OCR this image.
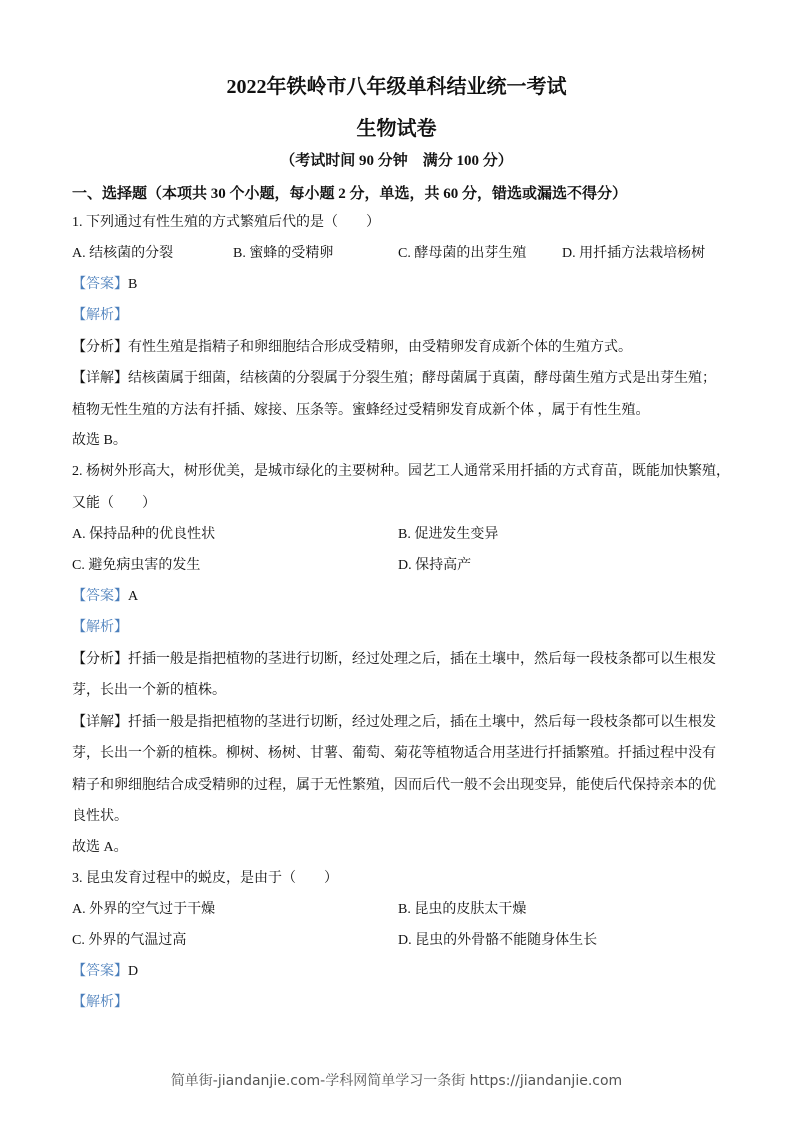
2022年铁岭市八年级单科结业统一考试
生物试卷
（考试时间 90 分钟　满分 100 分）
一、选择题（本项共 30 个小题，每小题 2 分，单选，共 60 分，错选或漏选不得分）
1. 下列通过有性生殖的方式繁殖后代的是（　　）
A. 结核菌的分裂	B. 蜜蜂的受精卵	C. 酵母菌的出芽生殖	D. 用扦插方法栽培杨树
【答案】B
【解析】
【分析】有性生殖是指精子和卵细胞结合形成受精卵，由受精卵发育成新个体的生殖方式。
【详解】结核菌属于细菌，结核菌的分裂属于分裂生殖；酵母菌属于真菌，酵母菌生殖方式是出芽生殖；
植物无性生殖的方法有扦插、嫁接、压条等。蜜蜂经过受精卵发育成新个体 ，属于有性生殖。
故选 B。
2. 杨树外形高大，树形优美，是城市绿化的主要树种。园艺工人通常采用扦插的方式育苗，既能加快繁殖，
又能（　　）
A. 保持品种的优良性状	B. 促进发生变异
C. 避免病虫害的发生	D. 保持高产
【答案】A
【解析】
【分析】扦插一般是指把植物的茎进行切断，经过处理之后，插在土壤中，然后每一段枝条都可以生根发
芽，长出一个新的植株。
【详解】扦插一般是指把植物的茎进行切断，经过处理之后，插在土壤中，然后每一段枝条都可以生根发
芽，长出一个新的植株。柳树、杨树、甘薯、葡萄、菊花等植物适合用茎进行扦插繁殖。扦插过程中没有
精子和卵细胞结合成受精卵的过程，属于无性繁殖，因而后代一般不会出现变异，能使后代保持亲本的优
良性状。
故选 A。
3. 昆虫发育过程中的蜕皮，是由于（　　）
A. 外界的空气过于干燥	B. 昆虫的皮肤太干燥
C. 外界的气温过高	D. 昆虫的外骨骼不能随身体生长
【答案】D
【解析】
简单街-jiandanjie.com-学科网简单学习一条街 https://jiandanjie.com
